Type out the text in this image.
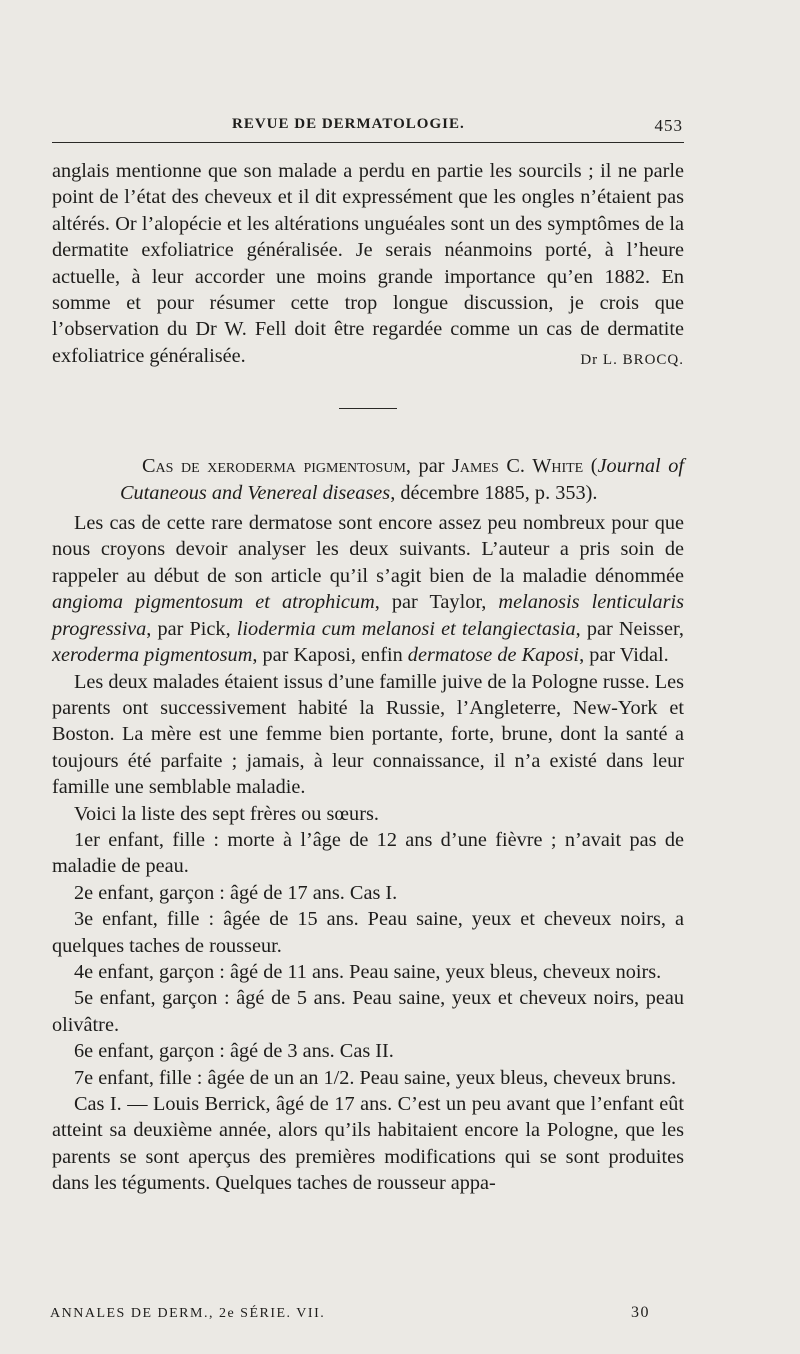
REVUE DE DERMATOLOGIE.	453

anglais mentionne que son malade a perdu en partie les sourcils ; il ne parle point de l’état des cheveux et il dit expressément que les ongles n’étaient pas altérés. Or l’alopécie et les altérations unguéales sont un des symptômes de la dermatite exfoliatrice généralisée. Je serais néanmoins porté, à l’heure actuelle, à leur accorder une moins grande importance qu’en 1882. En somme et pour résumer cette trop longue discussion, je crois que l’observation du Dr W. Fell doit être regardée comme un cas de dermatite exfoliatrice généralisée.	Dr L. BROCQ.

Cas de xeroderma pigmentosum, par James C. White (Journal of Cutaneous and Venereal diseases, décembre 1885, p. 353).

Les cas de cette rare dermatose sont encore assez peu nombreux pour que nous croyons devoir analyser les deux suivants. L’auteur a pris soin de rappeler au début de son article qu’il s’agit bien de la maladie dénommée angioma pigmentosum et atrophicum, par Taylor, melanosis lenticularis progressiva, par Pick, liodermia cum melanosi et telangiectasia, par Neisser, xeroderma pigmentosum, par Kaposi, enfin dermatose de Kaposi, par Vidal.

Les deux malades étaient issus d’une famille juive de la Pologne russe. Les parents ont successivement habité la Russie, l’Angleterre, New-York et Boston. La mère est une femme bien portante, forte, brune, dont la santé a toujours été parfaite ; jamais, à leur connaissance, il n’a existé dans leur famille une semblable maladie.

Voici la liste des sept frères ou sœurs.

1er enfant, fille : morte à l’âge de 12 ans d’une fièvre ; n’avait pas de maladie de peau.

2e enfant, garçon : âgé de 17 ans. Cas I.

3e enfant, fille : âgée de 15 ans. Peau saine, yeux et cheveux noirs, a quelques taches de rousseur.

4e enfant, garçon : âgé de 11 ans. Peau saine, yeux bleus, cheveux noirs.

5e enfant, garçon : âgé de 5 ans. Peau saine, yeux et cheveux noirs, peau olivâtre.

6e enfant, garçon : âgé de 3 ans. Cas II.

7e enfant, fille : âgée de un an 1/2. Peau saine, yeux bleus, cheveux bruns.

Cas I. — Louis Berrick, âgé de 17 ans. C’est un peu avant que l’enfant eût atteint sa deuxième année, alors qu’ils habitaient encore la Pologne, que les parents se sont aperçus des premières modifications qui se sont produites dans les téguments. Quelques taches de rousseur appa-

ANNALES DE DERM., 2e SÉRIE. VII.	30
